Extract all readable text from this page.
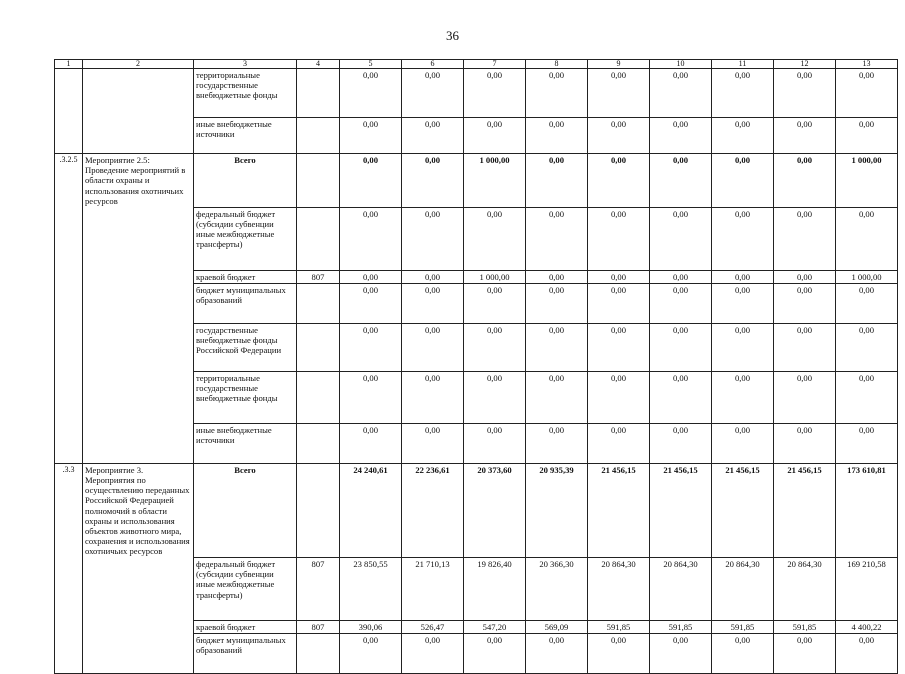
36
1	2	3	4	5	6	7	8	9	10	11	12	13
		территориальные государственные внебюджетные фонды		0,00	0,00	0,00	0,00	0,00	0,00	0,00	0,00	0,00
		иные внебюджетные источники		0,00	0,00	0,00	0,00	0,00	0,00	0,00	0,00	0,00
3.2.5.	Мероприятие 2.5: Проведение мероприятий в области охраны и использования охотничьих ресурсов	Всего		0,00	0,00	1 000,00	0,00	0,00	0,00	0,00	0,00	1 000,00
		федеральный бюджет (субсидии субвенции иные межбюджетные трансферты)		0,00	0,00	0,00	0,00	0,00	0,00	0,00	0,00	0,00
		краевой бюджет	807	0,00	0,00	1 000,00	0,00	0,00	0,00	0,00	0,00	1 000,00
		бюджет муниципальных образований		0,00	0,00	0,00	0,00	0,00	0,00	0,00	0,00	0,00
		государственные внебюджетные фонды Российской Федерации		0,00	0,00	0,00	0,00	0,00	0,00	0,00	0,00	0,00
		территориальные государственные внебюджетные фонды		0,00	0,00	0,00	0,00	0,00	0,00	0,00	0,00	0,00
		иные внебюджетные источники		0,00	0,00	0,00	0,00	0,00	0,00	0,00	0,00	0,00
3.3.	Мероприятие 3. Мероприятия по осуществлению переданных Российской Федерацией полномочий в области охраны и использования объектов животного мира, сохранения и использования охотничьих ресурсов	Всего		24 240,61	22 236,61	20 373,60	20 935,39	21 456,15	21 456,15	21 456,15	21 456,15	173 610,81
		федеральный бюджет (субсидии субвенции иные межбюджетные трансферты)	807	23 850,55	21 710,13	19 826,40	20 366,30	20 864,30	20 864,30	20 864,30	20 864,30	169 210,58
		краевой бюджет	807	390,06	526,47	547,20	569,09	591,85	591,85	591,85	591,85	4 400,22
		бюджет муниципальных образований		0,00	0,00	0,00	0,00	0,00	0,00	0,00	0,00	0,00
